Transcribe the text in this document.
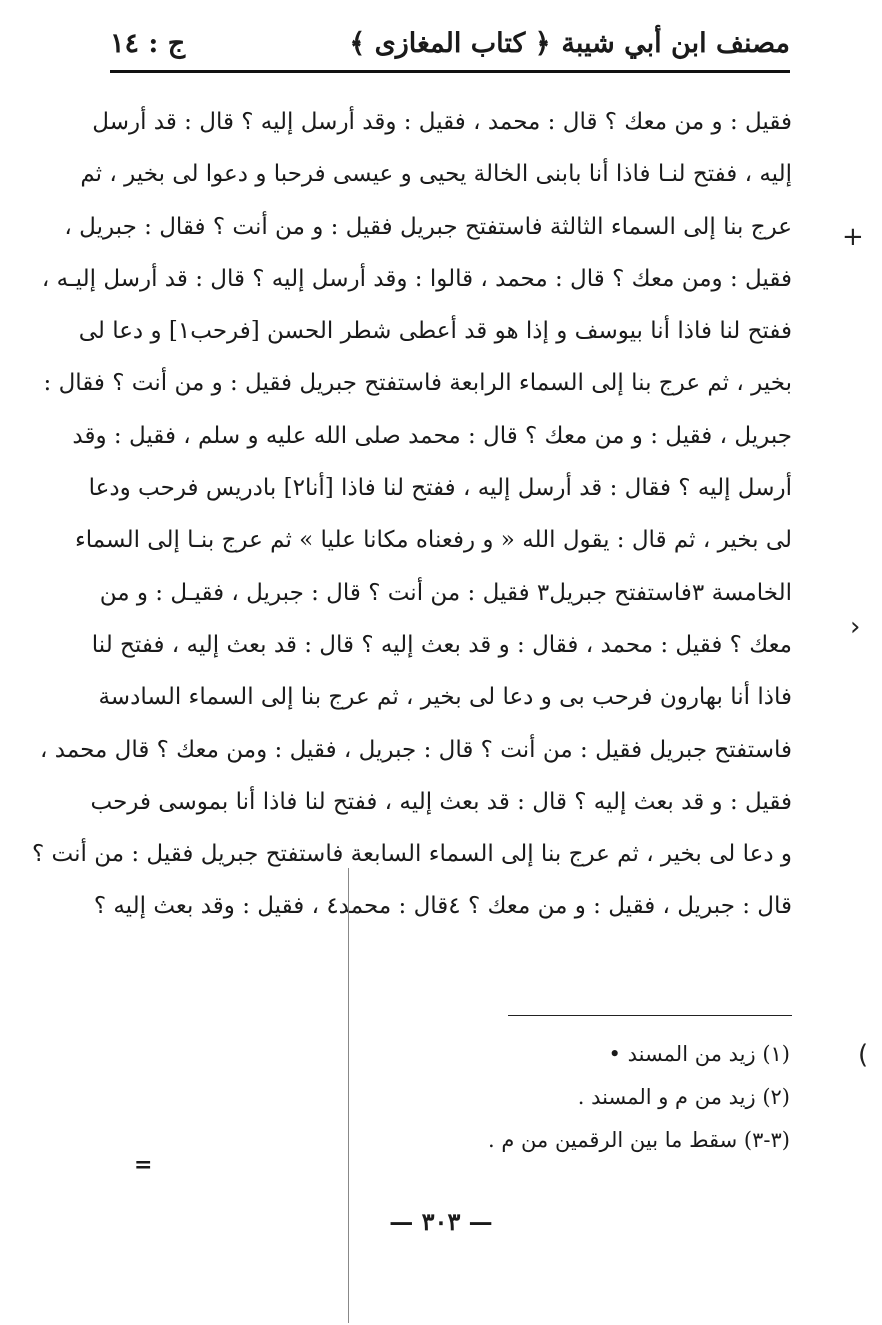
مصنف ابن أبي شيبة
﴿ كتاب المغازى ﴾
ج : ١٤
فقيل : و من معك ؟ قال : محمد ، فقيل : وقد أرسل إليه ؟ قال : قد أرسل
إليه ، ففتح لنـا فاذا أنا بابنى الخالة يحيى و عيسى فرحبا و دعوا لى بخير ، ثم
عرج بنا إلى السماء الثالثة فاستفتح جبريل فقيل : و من أنت ؟ فقال : جبريل ،
فقيل : ومن معك ؟ قال : محمد ، قالوا : وقد أرسل إليه ؟ قال : قد أرسل إليـه ،
ففتح لنا فاذا أنا بيوسف و إذا هو قد أعطى شطر الحسن [فرحب١] و دعا لى
بخير ، ثم عرج بنا إلى السماء الرابعة فاستفتح جبريل فقيل : و من أنت ؟ فقال :
جبريل ، فقيل : و من معك ؟ قال : محمد صلى الله عليه و سلم ، فقيل : وقد
أرسل إليه ؟ فقال : قد أرسل إليه ، ففتح لنا فاذا [أنا٢] بادريس فرحب ودعا
لى بخير ، ثم قال : يقول الله « و رفعناه مكانا عليا » ثم عرج بنـا إلى السماء
الخامسة ٣فاستفتح جبريل٣ فقيل : من أنت ؟ قال : جبريل ، فقيـل : و من
معك ؟ فقيل : محمد ، فقال : و قد بعث إليه ؟ قال : قد بعث إليه ، ففتح لنا
فاذا أنا بهارون فرحب بى و دعا لى بخير ، ثم عرج بنا إلى السماء السادسة
فاستفتح جبريل فقيل : من أنت ؟ قال : جبريل ، فقيل : ومن معك ؟ قال محمد ،
فقيل : و قد بعث إليه ؟ قال : قد بعث إليه ، ففتح لنا فاذا أنا بموسى فرحب
و دعا لى بخير ، ثم عرج بنا إلى السماء السابعة فاستفتح جبريل فقيل : من أنت ؟
قال : جبريل ، فقيل : و من معك ؟ ٤قال : محمد٤ ، فقيل : وقد بعث إليه ؟
(١) زيد من المسند •
(٢) زيد من م و المسند .
(٣-٣) سقط ما بين الرقمين من م .
=
— ٣٠٣ —
+
›
(
